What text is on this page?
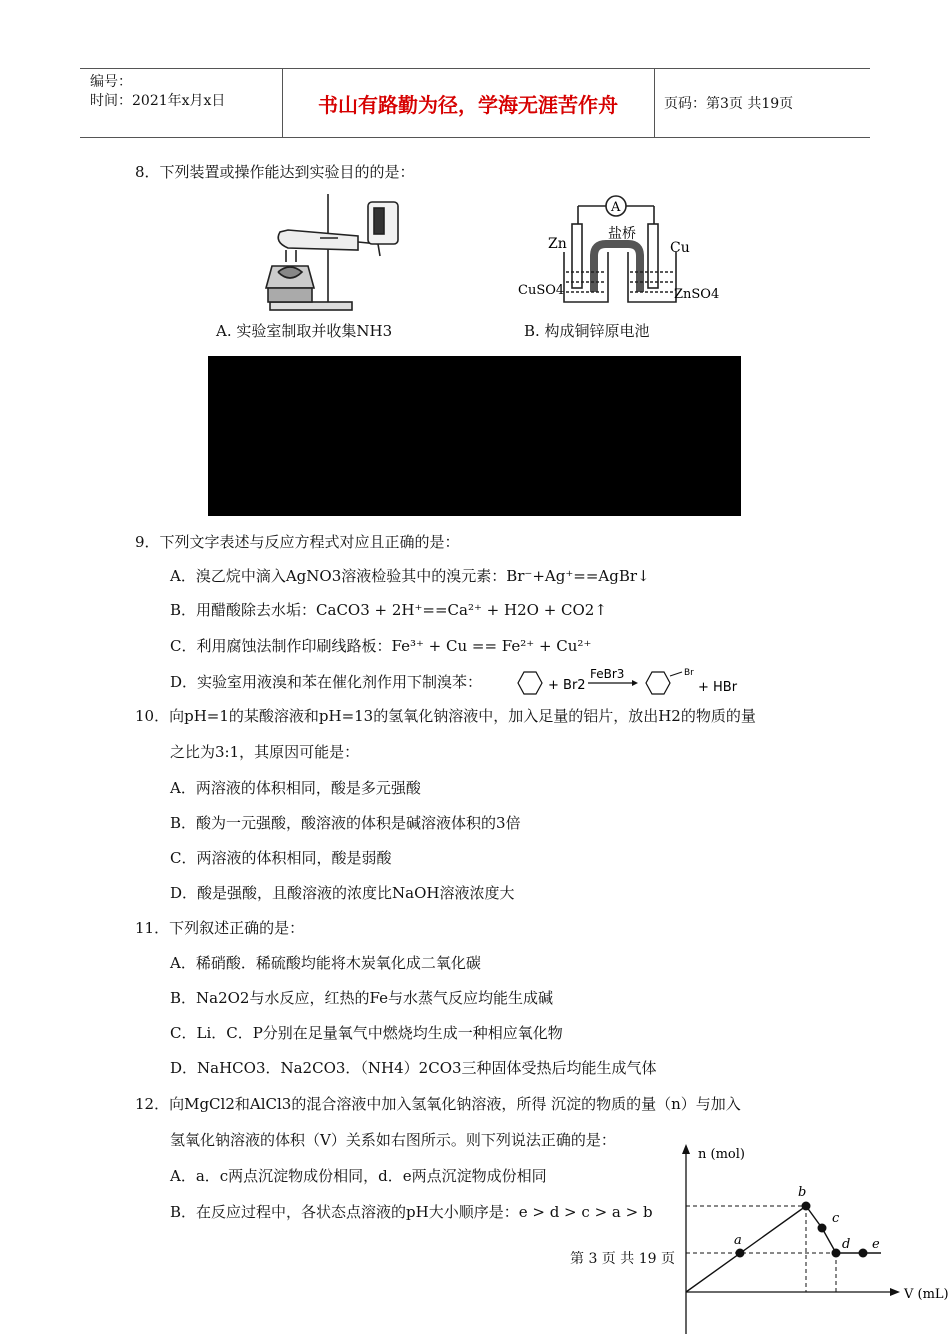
编号：
时间：2021年x月x日	书山有路勤为径，学海无涯苦作舟	页码：第3页 共19页
8．下列装置或操作能达到实验目的的是：
A. 实验室制取并收集NH3
A
Zn	Cu
盐桥
CuSO4	ZnSO4
B. 构成铜锌原电池
9．下列文字表述与反应方程式对应且正确的是：
A．溴乙烷中滴入AgNO3溶液检验其中的溴元素：Br⁻+Ag⁺==AgBr↓
B．用醋酸除去水垢：CaCO3 + 2H⁺==Ca²⁺ + H2O + CO2↑
C．利用腐蚀法制作印刷线路板：Fe³⁺ + Cu == Fe²⁺ + Cu²⁺
D．实验室用液溴和苯在催化剂作用下制溴苯：	+ Br2
FeBr3	Br
+ HBr
10．向pH=1的某酸溶液和pH=13的氢氧化钠溶液中，加入足量的铝片，放出H2的物质的量
之比为3:1，其原因可能是：
A．两溶液的体积相同，酸是多元强酸
B．酸为一元强酸，酸溶液的体积是碱溶液体积的3倍
C．两溶液的体积相同，酸是弱酸
D．酸是强酸，且酸溶液的浓度比NaOH溶液浓度大
11．下列叙述正确的是：
A．稀硝酸．稀硫酸均能将木炭氧化成二氧化碳
B．Na2O2与水反应，红热的Fe与水蒸气反应均能生成碱
C．Li．C．P分别在足量氧气中燃烧均生成一种相应氧化物
D．NaHCO3．Na2CO3．（NH4）2CO3三种固体受热后均能生成气体
12．向MgCl2和AlCl3的混合溶液中加入氢氧化钠溶液，所得 沉淀的物质的量（n）与加入
氢氧化钠溶液的体积（V）关系如右图所示。则下列说法正确的是：
A．a．c两点沉淀物成份相同，d．e两点沉淀物成份相同
B．在反应过程中，各状态点溶液的pH大小顺序是：e > d > c > a > b
n (mol)
V (mL)
a
b
c
d e
第 3 页 共 19 页
